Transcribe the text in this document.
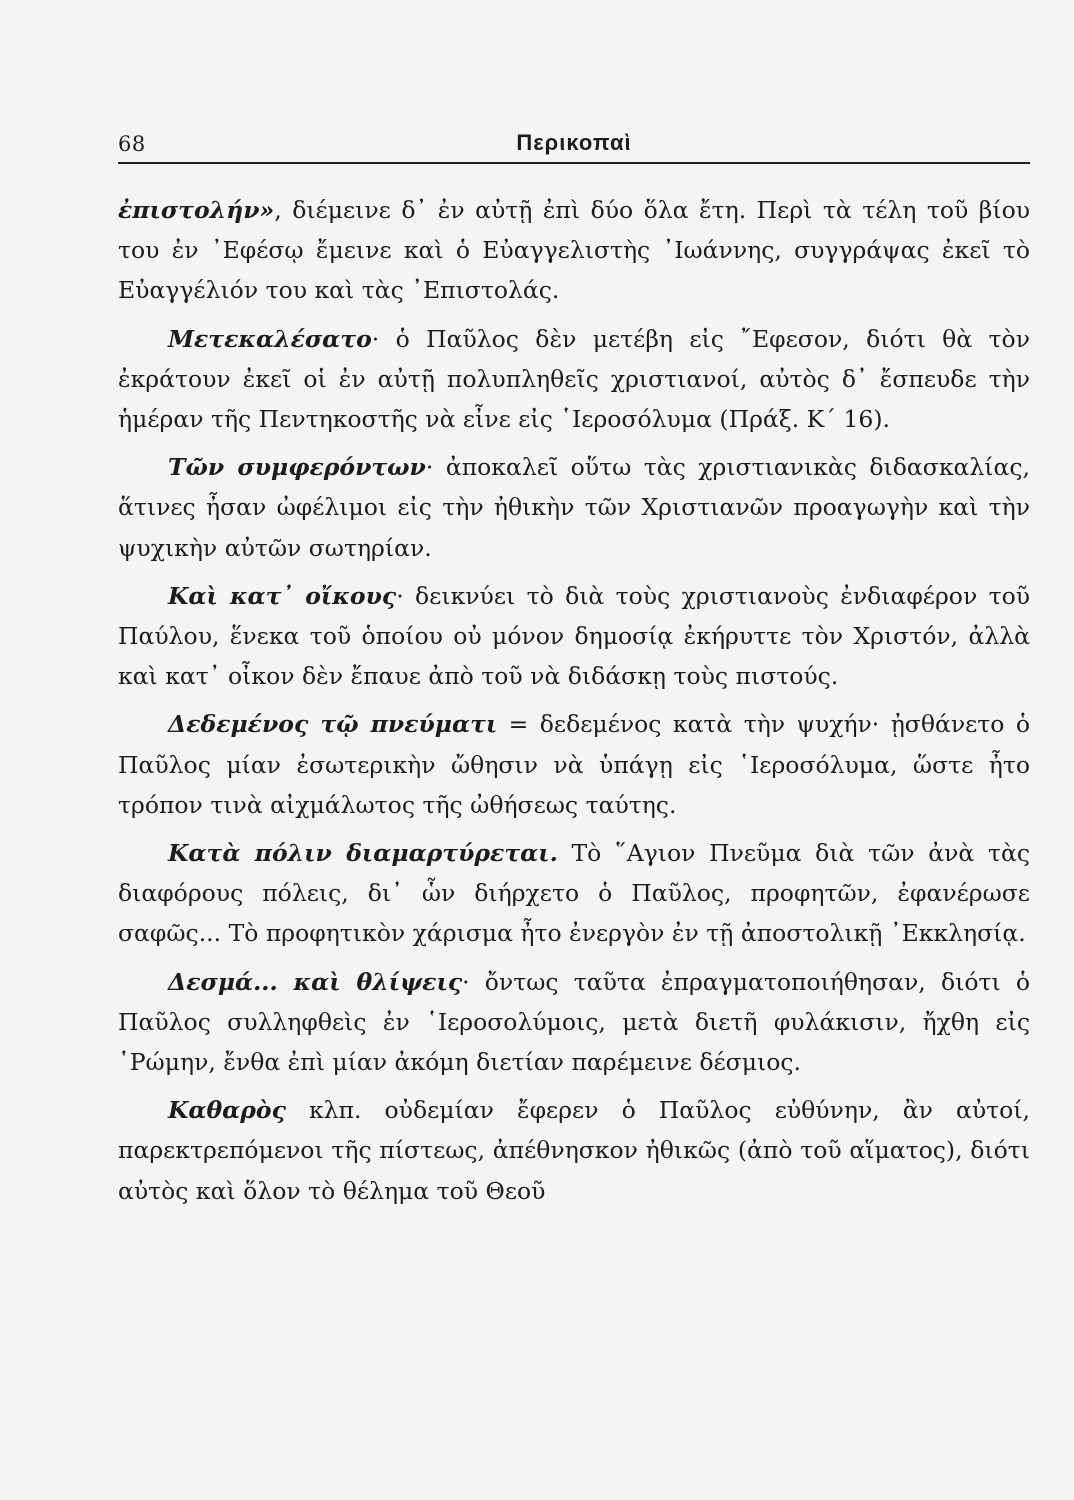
68	Περικοπαὶ

ἐπιστολήν», διέμεινε δ᾿ ἐν αὐτῇ ἐπὶ δύο ὅλα ἔτη. Περὶ τὰ τέλη τοῦ βίου του ἐν ᾿Εφέσῳ ἔμεινε καὶ ὁ Εὐαγγελιστὴς ᾿Ιωάννης, συγγράψας ἐκεῖ τὸ Εὐαγγέλιόν του καὶ τὰς ᾿Επιστολάς.

Μετεκαλέσατο· ὁ Παῦλος δὲν μετέβη εἰς ῎Εφεσον, διότι θὰ τὸν ἐκράτουν ἐκεῖ οἱ ἐν αὐτῇ πολυπληθεῖς χριστιανοί, αὐτὸς δ᾿ ἔσπευδε τὴν ἡμέραν τῆς Πεντηκοστῆς νὰ εἶνε εἰς ῾Ιεροσόλυμα (Πράξ. Κ΄ 16).

Τῶν συμφερόντων· ἀποκαλεῖ οὕτω τὰς χριστιανικὰς διδασκαλίας, ἅτινες ἦσαν ὠφέλιμοι εἰς τὴν ἠθικὴν τῶν Χριστιανῶν προαγωγὴν καὶ τὴν ψυχικὴν αὐτῶν σωτηρίαν.

Καὶ κατ᾿ οἴκους· δεικνύει τὸ διὰ τοὺς χριστιανοὺς ἐνδιαφέρον τοῦ Παύλου, ἕνεκα τοῦ ὁποίου οὐ μόνον δημοσίᾳ ἐκήρυττε τὸν Χριστόν, ἀλλὰ καὶ κατ᾿ οἶκον δὲν ἔπαυε ἀπὸ τοῦ νὰ διδάσκῃ τοὺς πιστούς.

Δεδεμένος τῷ πνεύματι = δεδεμένος κατὰ τὴν ψυχήν· ᾐσθάνετο ὁ Παῦλος μίαν ἐσωτερικὴν ὤθησιν νὰ ὑπάγῃ εἰς ῾Ιεροσόλυμα, ὥστε ἦτο τρόπον τινὰ αἰχμάλωτος τῆς ὠθήσεως ταύτης.

Κατὰ πόλιν διαμαρτύρεται. Τὸ ῞Αγιον Πνεῦμα διὰ τῶν ἀνὰ τὰς διαφόρους πόλεις, δι᾿ ὧν διήρχετο ὁ Παῦλος, προφητῶν, ἐφανέρωσε σαφῶς... Τὸ προφητικὸν χάρισμα ἦτο ἐνεργὸν ἐν τῇ ἀποστολικῇ ᾿Εκκλησίᾳ.

Δεσμά... καὶ θλίψεις· ὄντως ταῦτα ἐπραγματοποιήθησαν, διότι ὁ Παῦλος συλληφθεὶς ἐν ῾Ιεροσολύμοις, μετὰ διετῆ φυλάκισιν, ἤχθη εἰς ῾Ρώμην, ἔνθα ἐπὶ μίαν ἀκόμη διετίαν παρέμεινε δέσμιος.

Καθαρὸς κλπ. οὐδεμίαν ἔφερεν ὁ Παῦλος εὐθύνην, ἂν αὐτοί, παρεκτρεπόμενοι τῆς πίστεως, ἀπέθνησκον ἠθικῶς (ἀπὸ τοῦ αἵματος), διότι αὐτὸς καὶ ὅλον τὸ θέλημα τοῦ Θεοῦ
